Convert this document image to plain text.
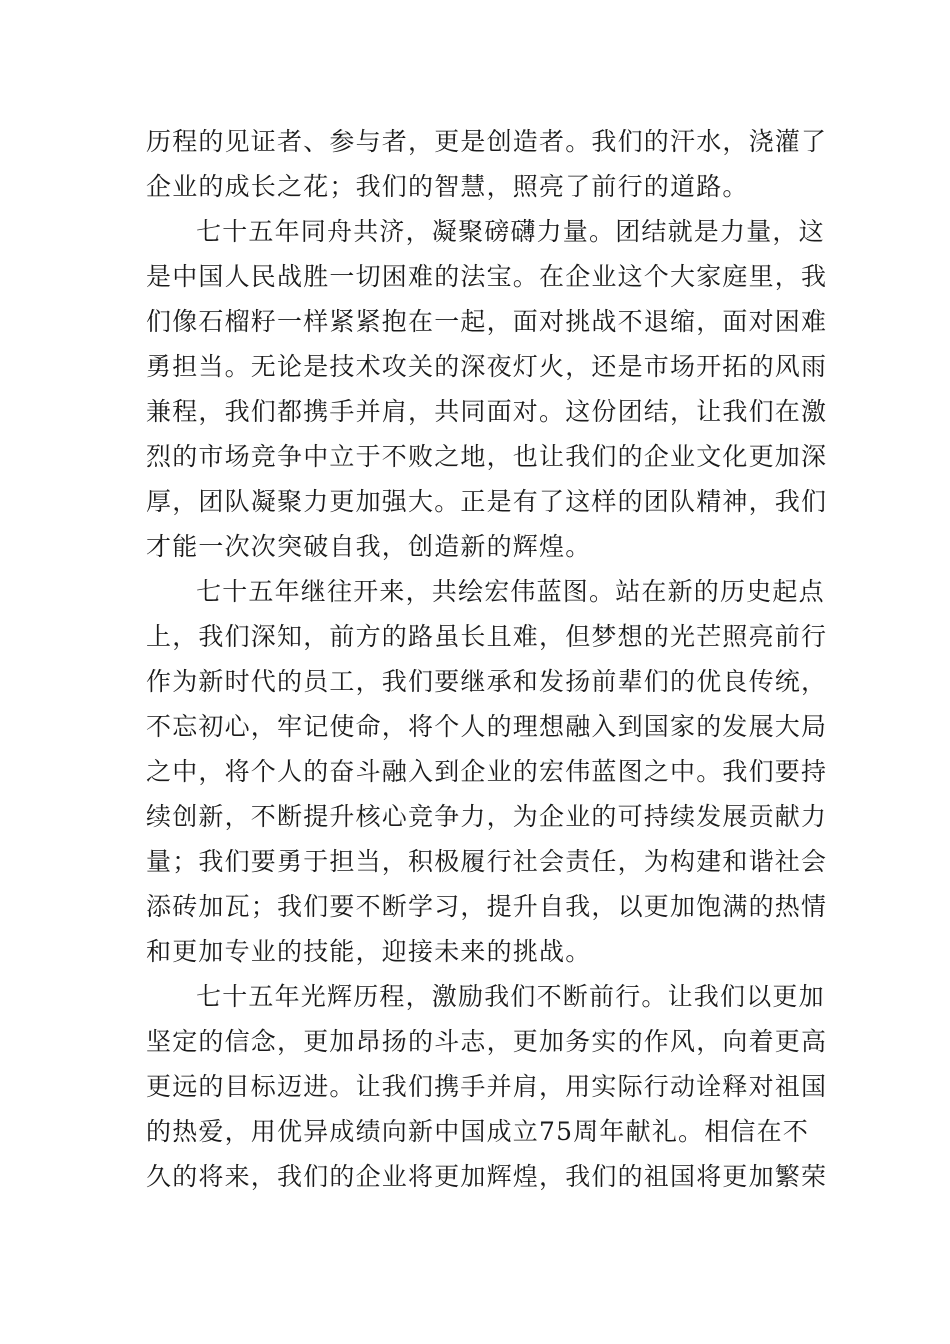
历程的见证者、参与者，更是创造者。我们的汗水，浇灌了
企业的成长之花；我们的智慧，照亮了前行的道路。
七十五年同舟共济，凝聚磅礴力量。团结就是力量，这
是中国人民战胜一切困难的法宝。在企业这个大家庭里，我
们像石榴籽一样紧紧抱在一起，面对挑战不退缩，面对困难
勇担当。无论是技术攻关的深夜灯火，还是市场开拓的风雨
兼程，我们都携手并肩，共同面对。这份团结，让我们在激
烈的市场竞争中立于不败之地，也让我们的企业文化更加深
厚，团队凝聚力更加强大。正是有了这样的团队精神，我们
才能一次次突破自我，创造新的辉煌。
七十五年继往开来，共绘宏伟蓝图。站在新的历史起点
上，我们深知，前方的路虽长且难，但梦想的光芒照亮前行
作为新时代的员工，我们要继承和发扬前辈们的优良传统，
不忘初心，牢记使命，将个人的理想融入到国家的发展大局
之中，将个人的奋斗融入到企业的宏伟蓝图之中。我们要持
续创新，不断提升核心竞争力，为企业的可持续发展贡献力
量；我们要勇于担当，积极履行社会责任，为构建和谐社会
添砖加瓦；我们要不断学习，提升自我，以更加饱满的热情
和更加专业的技能，迎接未来的挑战。
七十五年光辉历程，激励我们不断前行。让我们以更加
坚定的信念，更加昂扬的斗志，更加务实的作风，向着更高
更远的目标迈进。让我们携手并肩，用实际行动诠释对祖国
的热爱，用优异成绩向新中国成立75周年献礼。相信在不
久的将来，我们的企业将更加辉煌，我们的祖国将更加繁荣
